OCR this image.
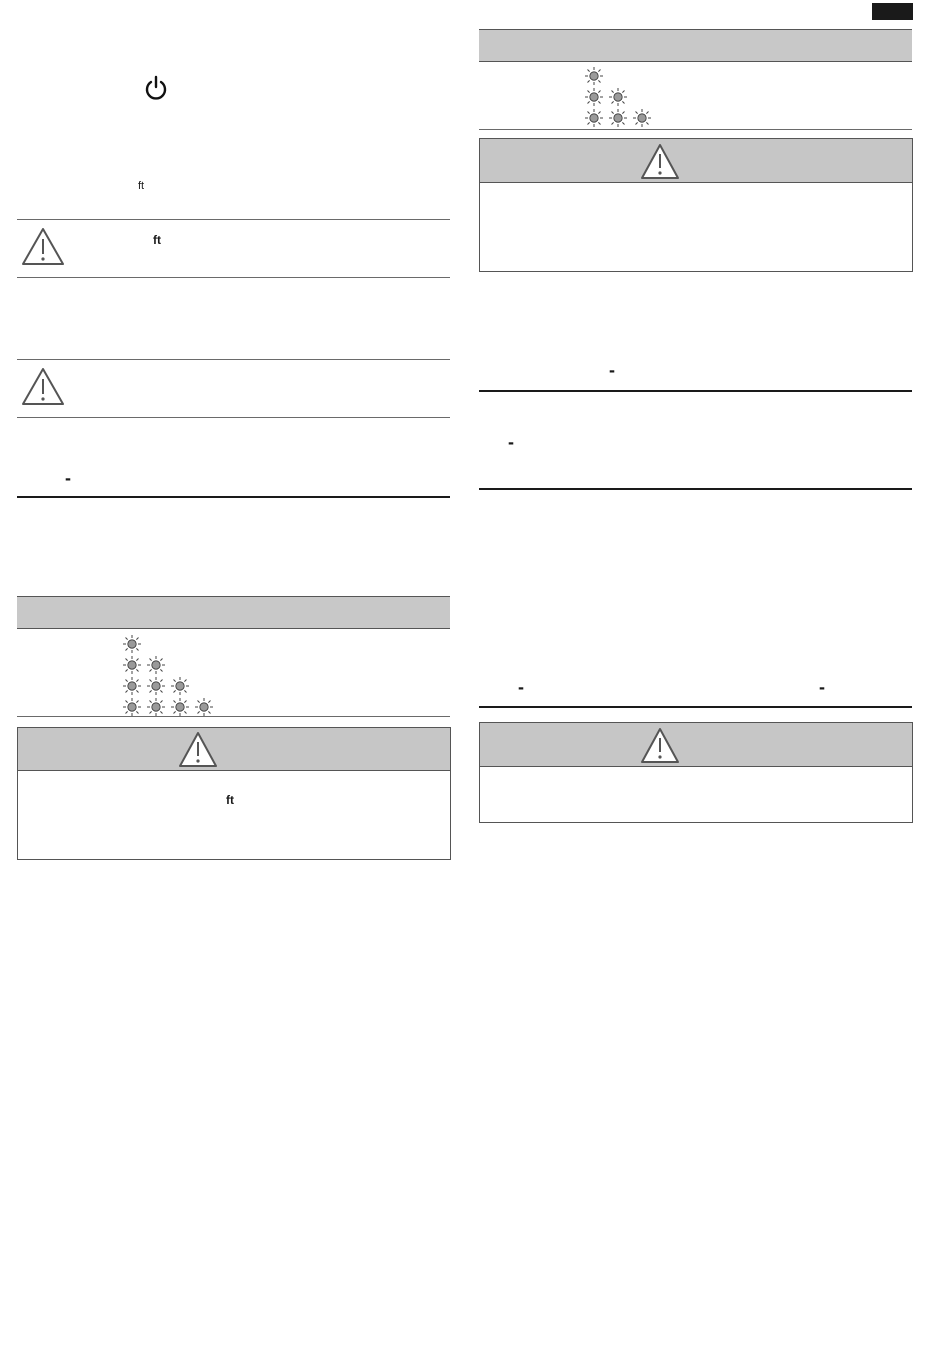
ft
ft
-
ft
-
-
-	-
